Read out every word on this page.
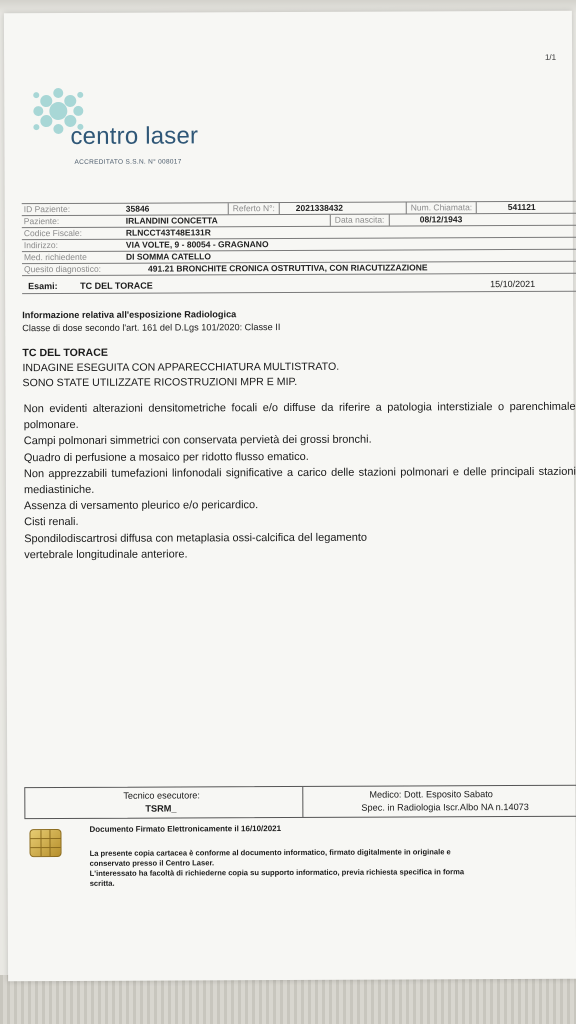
1/1
centro laser
ACCREDITATO S.S.N. N° 008017
ID Paziente:	35846	Referto N°:	2021338432	Num. Chiamata:	541121
Paziente:	IRLANDINI CONCETTA	Data nascita:	08/12/1943
Codice Fiscale:	RLNCCT43T48E131R
Indirizzo:	VIA VOLTE, 9 - 80054 - GRAGNANO
Med. richiedente	DI SOMMA CATELLO
Quesito diagnostico:	491.21 BRONCHITE CRONICA OSTRUTTIVA, CON RIACUTIZZAZIONE
Esami: TC DEL TORACE	15/10/2021
Informazione relativa all'esposizione Radiologica
Classe di dose secondo l'art. 161 del D.Lgs 101/2020: Classe II
TC DEL TORACE
INDAGINE ESEGUITA CON APPARECCHIATURA MULTISTRATO.
SONO STATE UTILIZZATE RICOSTRUZIONI MPR E MIP.
Non evidenti alterazioni densitometriche focali e/o diffuse da riferire a patologia interstiziale o parenchimale polmonare.
Campi polmonari simmetrici con conservata pervietà dei grossi bronchi.
Quadro di perfusione a mosaico per ridotto flusso ematico.
Non apprezzabili tumefazioni linfonodali significative a carico delle stazioni polmonari e delle principali stazioni mediastiniche.
Assenza di versamento pleurico e/o pericardico.
Cisti renali.
Spondilodiscartrosi diffusa con metaplasia ossi-calcifica del legamento
vertebrale longitudinale anteriore.
Tecnico esecutore:
TSRM_
Medico: Dott. Esposito Sabato
Spec. in Radiologia Iscr.Albo NA n.14073
Documento Firmato Elettronicamente il 16/10/2021
La presente copia cartacea è conforme al documento informatico, firmato digitalmente in originale e
conservato presso il Centro Laser.
L'interessato ha facoltà di richiederne copia su supporto informatico, previa richiesta specifica in forma
scritta.
